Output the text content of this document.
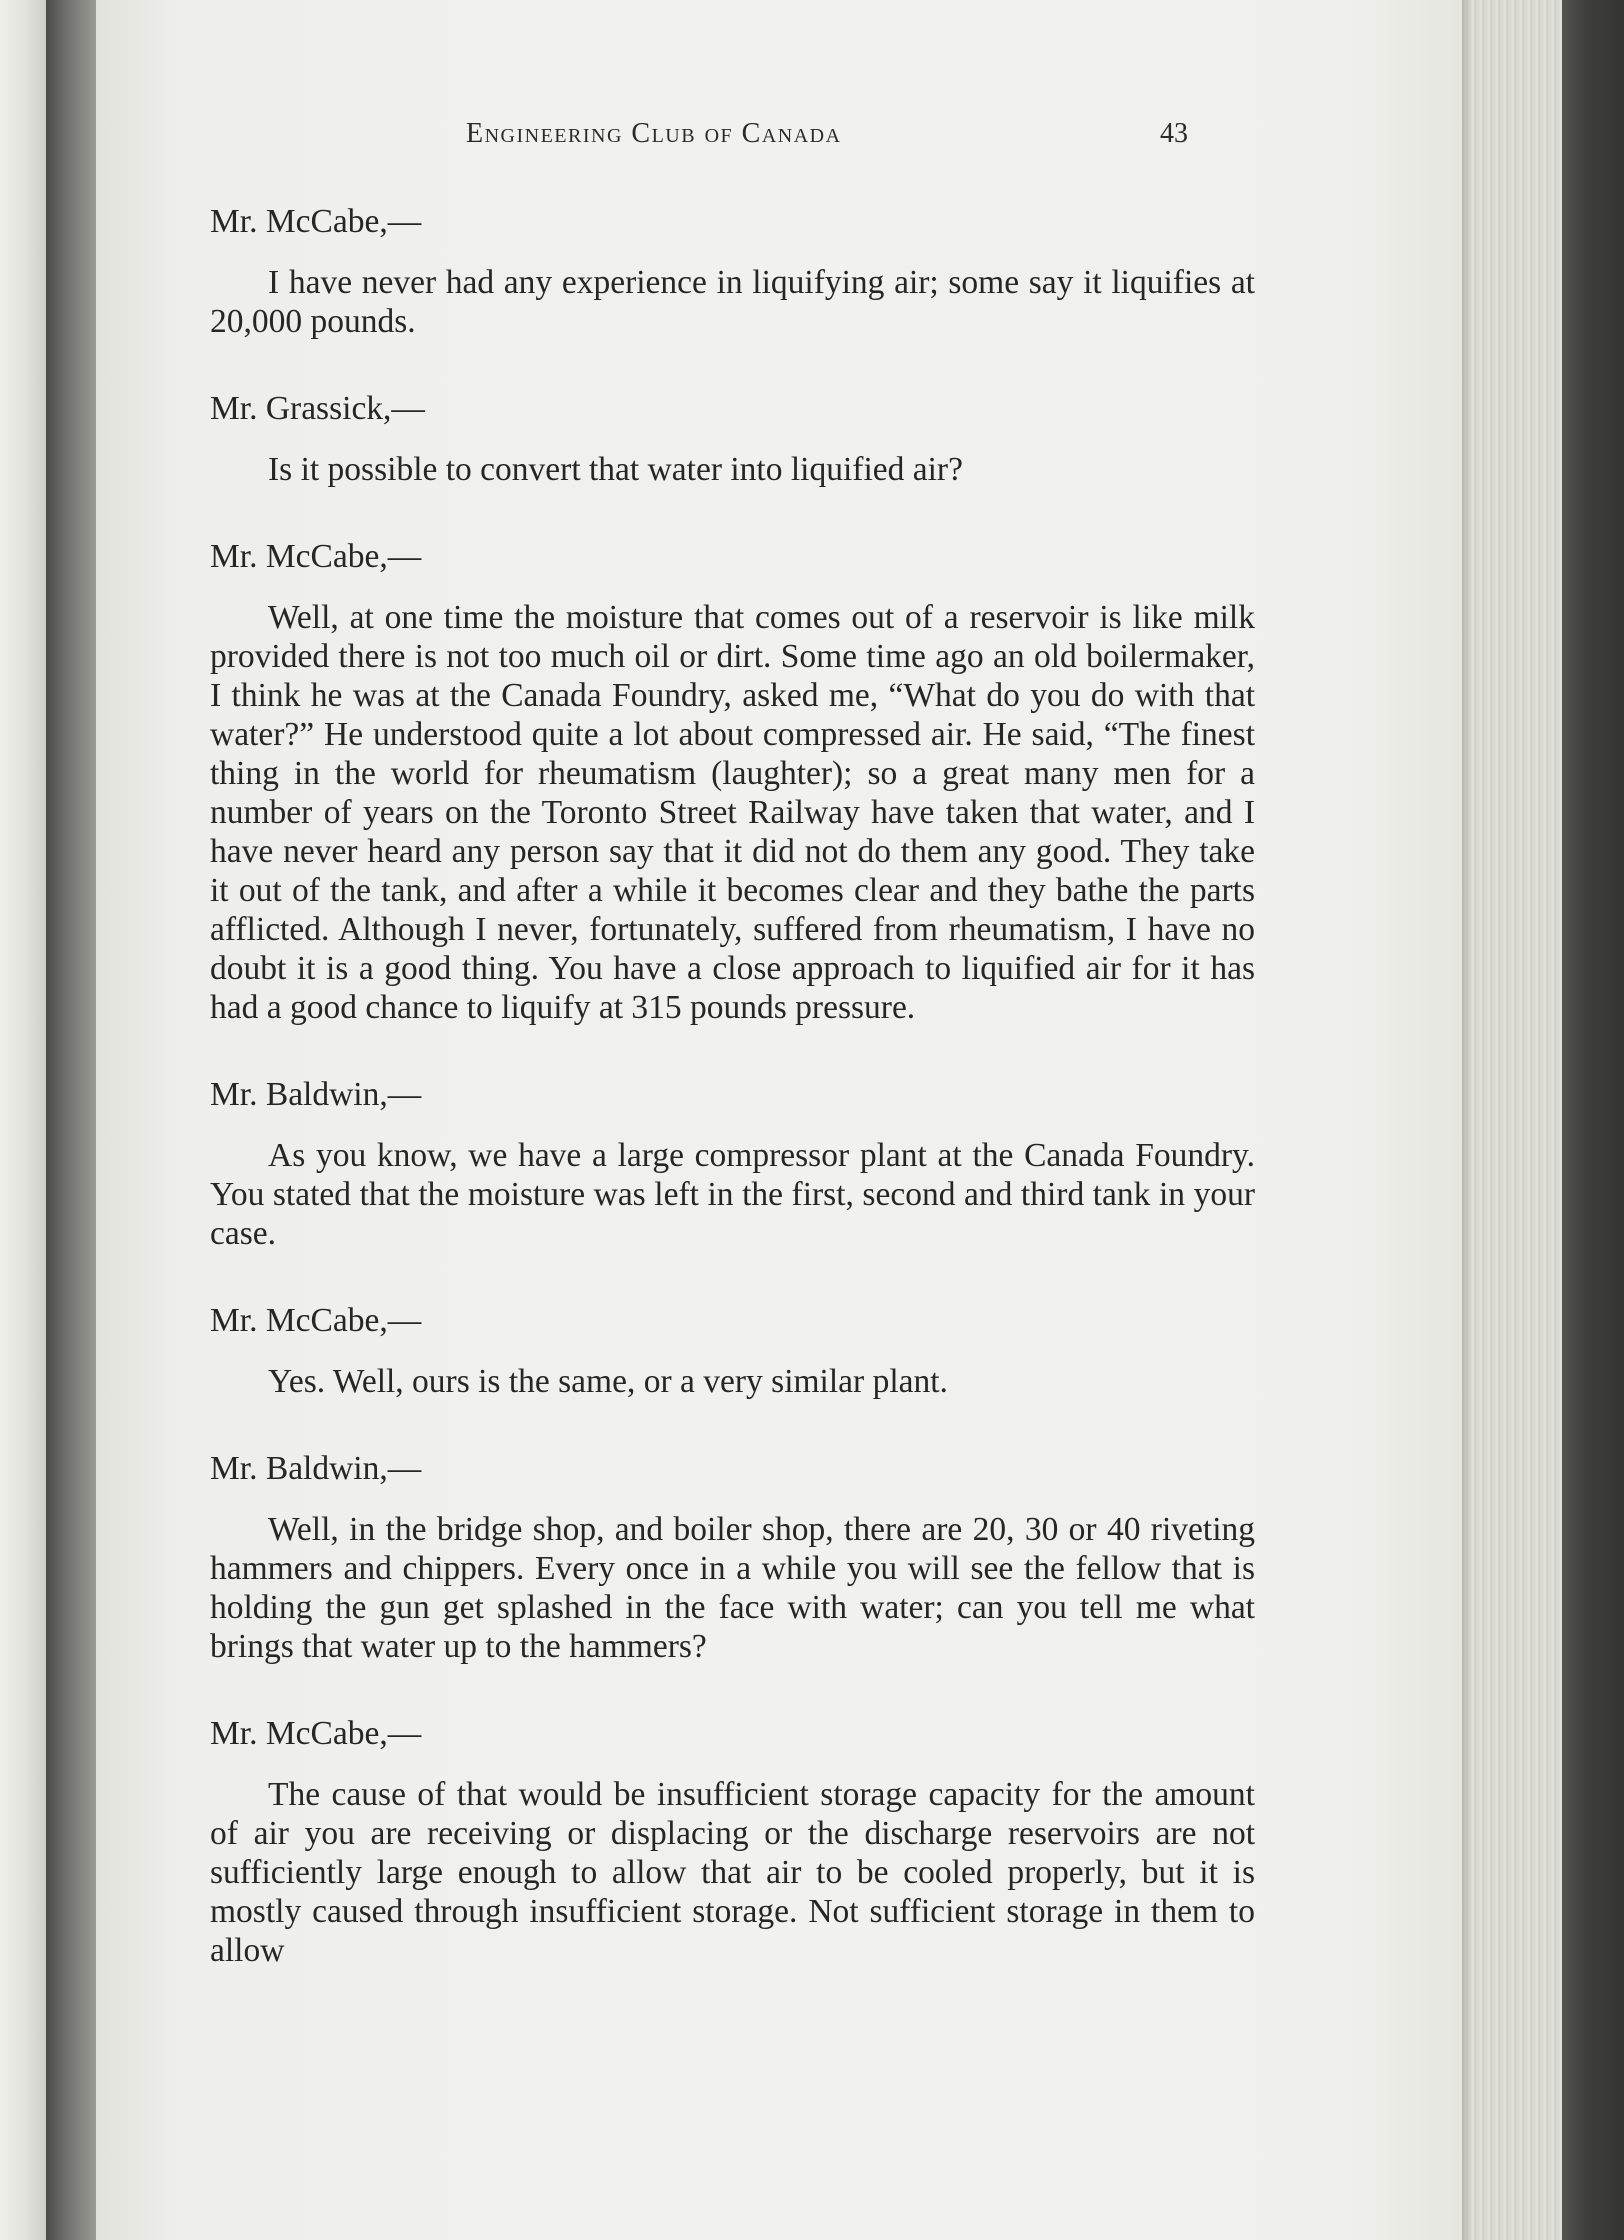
Engineering Club of Canada	43
Mr. McCabe,—

I have never had any experience in liquifying air; some say it liquifies at 20,000 pounds.

Mr. Grassick,—

Is it possible to convert that water into liquified air?

Mr. McCabe,—

Well, at one time the moisture that comes out of a reservoir is like milk provided there is not too much oil or dirt. Some time ago an old boilermaker, I think he was at the Canada Foundry, asked me, “What do you do with that water?” He understood quite a lot about compressed air. He said, “The finest thing in the world for rheumatism (laughter); so a great many men for a number of years on the Toronto Street Railway have taken that water, and I have never heard any person say that it did not do them any good. They take it out of the tank, and after a while it becomes clear and they bathe the parts afflicted. Although I never, fortunately, suffered from rheumatism, I have no doubt it is a good thing. You have a close approach to liquified air for it has had a good chance to liquify at 315 pounds pressure.

Mr. Baldwin,—

As you know, we have a large compressor plant at the Canada Foundry. You stated that the moisture was left in the first, second and third tank in your case.

Mr. McCabe,—

Yes. Well, ours is the same, or a very similar plant.

Mr. Baldwin,—

Well, in the bridge shop, and boiler shop, there are 20, 30 or 40 riveting hammers and chippers. Every once in a while you will see the fellow that is holding the gun get splashed in the face with water; can you tell me what brings that water up to the hammers?

Mr. McCabe,—

The cause of that would be insufficient storage capacity for the amount of air you are receiving or displacing or the discharge reservoirs are not sufficiently large enough to allow that air to be cooled properly, but it is mostly caused through insufficient storage. Not sufficient storage in them to allow
